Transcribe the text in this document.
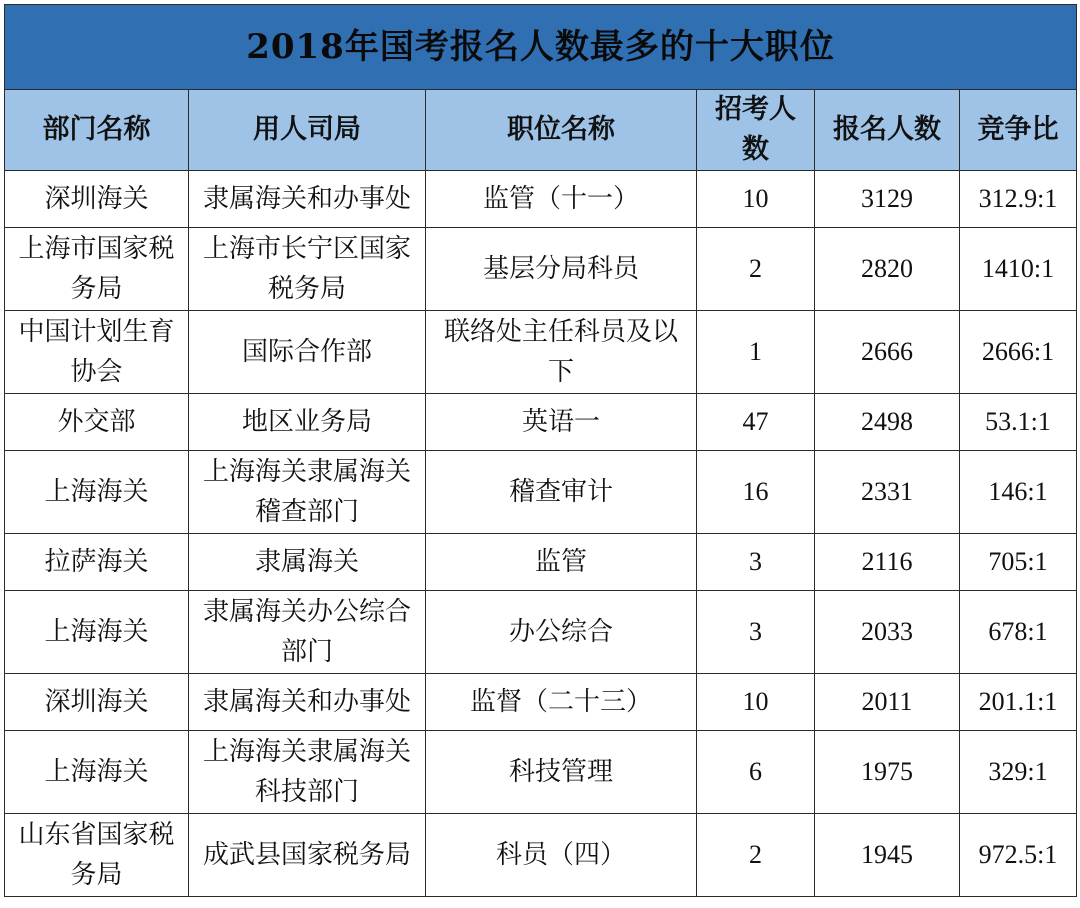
2018年国考报名人数最多的十大职位					
部门名称	用人司局	职位名称	招考人数	报名人数	竞争比
深圳海关	隶属海关和办事处	监管（十一）	10	3129	312.9:1
上海市国家税务局	上海市长宁区国家税务局	基层分局科员	2	2820	1410:1
中国计划生育协会	国际合作部	联络处主任科员及以下	1	2666	2666:1
外交部	地区业务局	英语一	47	2498	53.1:1
上海海关	上海海关隶属海关稽查部门	稽查审计	16	2331	146:1
拉萨海关	隶属海关	监管	3	2116	705:1
上海海关	隶属海关办公综合部门	办公综合	3	2033	678:1
深圳海关	隶属海关和办事处	监督（二十三）	10	2011	201.1:1
上海海关	上海海关隶属海关科技部门	科技管理	6	1975	329:1
山东省国家税务局	成武县国家税务局	科员（四）	2	1945	972.5:1
